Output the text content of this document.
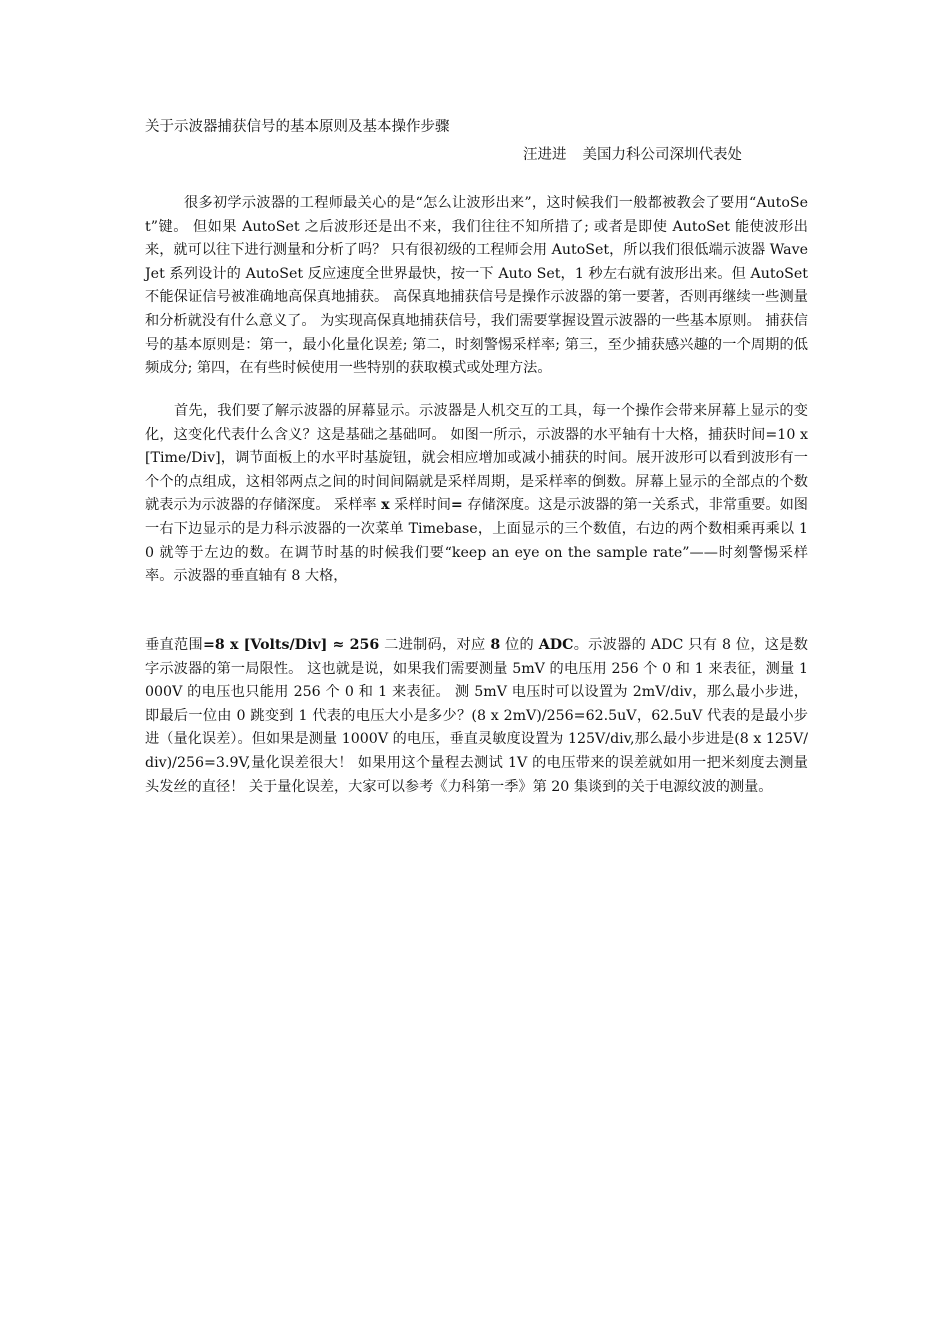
关于示波器捕获信号的基本原则及基本操作步骤
汪进进 美国力科公司深圳代表处

很多初学示波器的工程师最关心的是“怎么让波形出来”，这时候我们一般都被教会了要用“AutoSet”键。 但如果 AutoSet 之后波形还是出不来，我们往往不知所措了; 或者是即使 AutoSet 能使波形出来，就可以往下进行测量和分析了吗？ 只有很初级的工程师会用 AutoSet，所以我们很低端示波器 WaveJet 系列设计的 AutoSet 反应速度全世界最快，按一下 Auto Set，1 秒左右就有波形出来。但 AutoSet 不能保证信号被准确地高保真地捕获。 高保真地捕获信号是操作示波器的第一要著，否则再继续一些测量和分析就没有什么意义了。 为实现高保真地捕获信号，我们需要掌握设置示波器的一些基本原则。 捕获信号的基本原则是：第一，最小化量化误差; 第二，时刻警惕采样率; 第三，至少捕获感兴趣的一个周期的低频成分; 第四，在有些时候使用一些特别的获取模式或处理方法。

首先，我们要了解示波器的屏幕显示。示波器是人机交互的工具，每一个操作会带来屏幕上显示的变化，这变化代表什么含义？这是基础之基础呵。 如图一所示，示波器的水平轴有十大格，捕获时间=10 x [Time/Div]，调节面板上的水平时基旋钮，就会相应增加或减小捕获的时间。展开波形可以看到波形有一个个的点组成，这相邻两点之间的时间间隔就是采样周期，是采样率的倒数。屏幕上显示的全部点的个数就表示为示波器的存储深度。 采样率 x 采样时间= 存储深度。这是示波器的第一关系式，非常重要。如图一右下边显示的是力科示波器的一次菜单 Timebase，上面显示的三个数值，右边的两个数相乘再乘以 10 就等于左边的数。在调节时基的时候我们要“keep an eye on the sample rate”——时刻警惕采样率。示波器的垂直轴有 8 大格，

垂直范围=8 x [Volts/Div] ≈ 256 二进制码，对应 8 位的 ADC。示波器的 ADC 只有 8 位，这是数字示波器的第一局限性。 这也就是说，如果我们需要测量 5mV 的电压用 256 个 0 和 1 来表征，测量 1000V 的电压也只能用 256 个 0 和 1 来表征。 测 5mV 电压时可以设置为 2mV/div，那么最小步进，即最后一位由 0 跳变到 1 代表的电压大小是多少？(8 x 2mV)/256=62.5uV，62.5uV 代表的是最小步进（量化误差）。但如果是测量 1000V 的电压，垂直灵敏度设置为 125V/div,那么最小步进是(8 x 125V/div)/256=3.9V,量化误差很大！ 如果用这个量程去测试 1V 的电压带来的误差就如用一把米刻度去测量头发丝的直径！ 关于量化误差，大家可以参考《力科第一季》第 20 集谈到的关于电源纹波的测量。
